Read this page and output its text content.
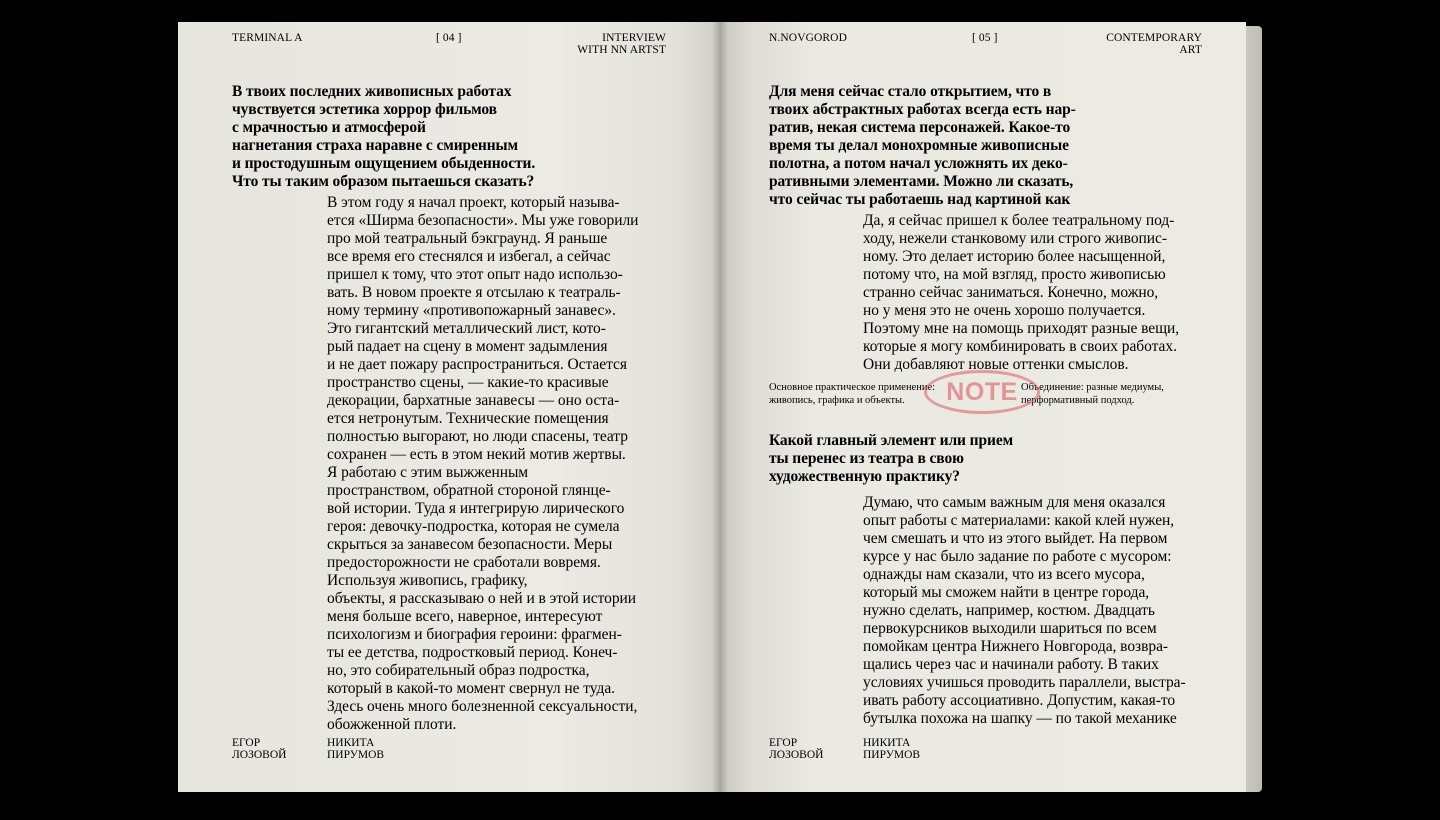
TERMINAL A	[ 04 ]	INTERVIEW
WITH NN ARTST
В твоих последних живописных работах
чувствуется эстетика хоррор фильмов
с мрачностью и атмосферой
нагнетания страха наравне с смиренным
и простодушным ощущением обыденности.
Что ты таким образом пытаешься сказать?
В этом году я начал проект, который называ-
ется «Ширма безопасности». Мы уже говорили
про мой театральный бэкграунд. Я раньше
все время его стеснялся и избегал, а сейчас
пришел к тому, что этот опыт надо использо-
вать. В новом проекте я отсылаю к театраль-
ному термину «противопожарный занавес».
Это гигантский металлический лист, кото-
рый падает на сцену в момент задымления
и не дает пожару распространиться. Остается
пространство сцены, — какие-то красивые
декорации, бархатные занавесы — оно оста-
ется нетронутым. Технические помещения
полностью выгорают, но люди спасены, театр
сохранен — есть в этом некий мотив жертвы.
Я работаю с этим выжженным
пространством, обратной стороной глянце-
вой истории. Туда я интегрирую лирического
героя: девочку-подростка, которая не сумела
скрыться за занавесом безопасности. Меры
предосторожности не сработали вовремя.
Используя живопись, графику,
объекты, я рассказываю о ней и в этой истории
меня больше всего, наверное, интересуют
психологизм и биография героини: фрагмен-
ты ее детства, подростковый период. Конеч-
но, это собирательный образ подростка,
который в какой-то момент свернул не туда.
Здесь очень много болезненной сексуальности,
обожженной плоти.
ЕГОР
ЛОЗОВОЙ
НИКИТА
ПИРУМОВ
N.NOVGOROD	[ 05 ]	CONTEMPORARY
ART
Для меня сейчас стало открытием, что в
твоих абстрактных работах всегда есть нар-
ратив, некая система персонажей. Какое-то
время ты делал монохромные живописные
полотна, а потом начал усложнять их деко-
ративными элементами. Можно ли сказать,
что сейчас ты работаешь над картиной как
Да, я сейчас пришел к более театральному под-
ходу, нежели станковому или строго живопис-
ному. Это делает историю более насыщенной,
потому что, на мой взгляд, просто живописью
странно сейчас заниматься. Конечно, можно,
но у меня это не очень хорошо получается.
Поэтому мне на помощь приходят разные вещи,
которые я могу комбинировать в своих работах.
Они добавляют новые оттенки смыслов.
Основное практическое применение:
живопись, графика и объекты.
Объединение: разные медиумы,
перформативный подход.
NOTE
Какой главный элемент или прием
ты перенес из театра в свою
художественную практику?
Думаю, что самым важным для меня оказался
опыт работы с материалами: какой клей нужен,
чем смешать и что из этого выйдет. На первом
курсе у нас было задание по работе с мусором:
однажды нам сказали, что из всего мусора,
который мы сможем найти в центре города,
нужно сделать, например, костюм. Двадцать
первокурсников выходили шариться по всем
помойкам центра Нижнего Новгорода, возвра-
щались через час и начинали работу. В таких
условиях учишься проводить параллели, выстра-
ивать работу ассоциативно. Допустим, какая-то
бутылка похожа на шапку — по такой механике
ЕГОР
ЛОЗОВОЙ
НИКИТА
ПИРУМОВ
